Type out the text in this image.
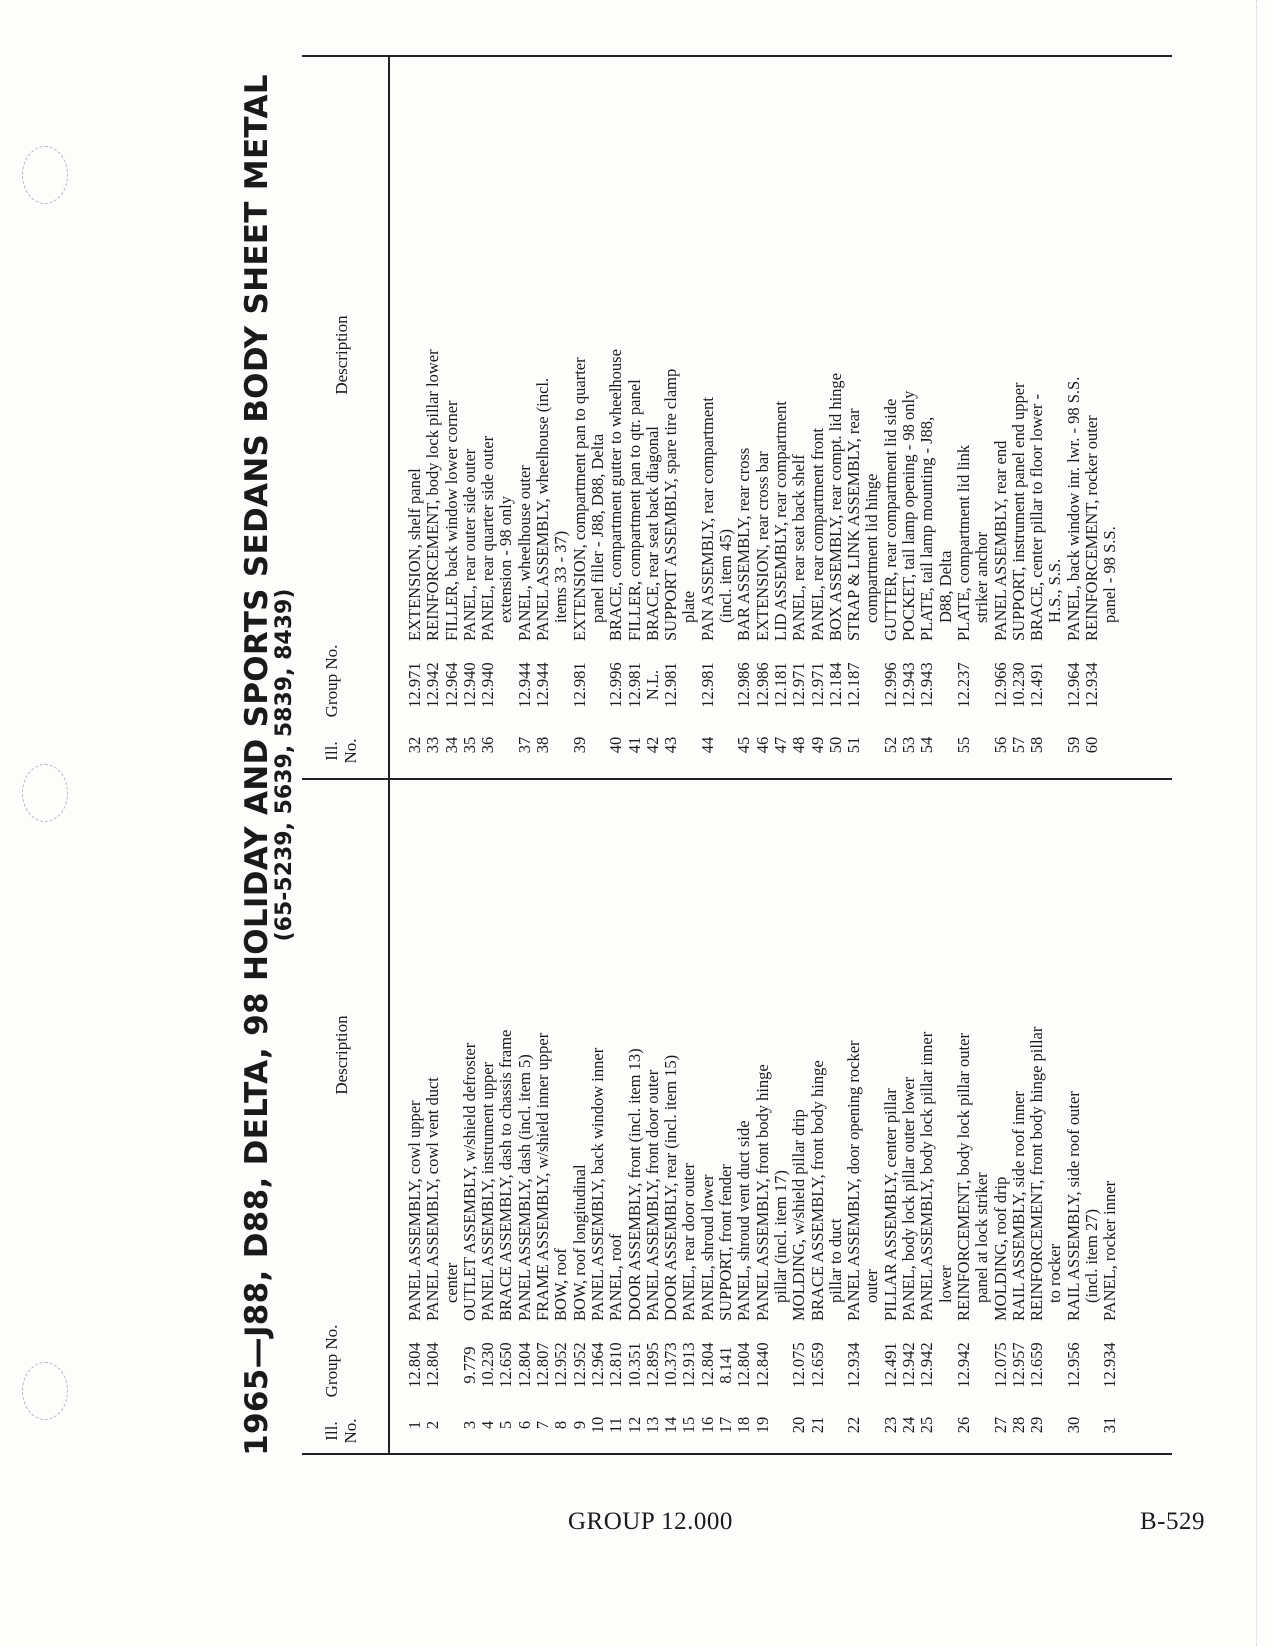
1965—J88, D88, DELTA, 98 HOLIDAY AND SPORTS SEDANS BODY SHEET METAL
(65-5239, 5639, 5839, 8439)
Ill. No.
Group No.
Description
Ill. No.
Group No.
Description
1
12.804
PANEL ASSEMBLY, cowl upper
2
12.804
PANEL ASSEMBLY, cowl vent duct center
3
9.779
OUTLET ASSEMBLY, w/shield defroster
4
10.230
PANEL ASSEMBLY, instrument upper
5
12.650
BRACE ASSEMBLY, dash to chassis frame
6
12.804
PANEL ASSEMBLY, dash (incl. item 5)
7
12.807
FRAME ASSEMBLY, w/shield inner upper
8
12.952
BOW, roof
9
12.952
BOW, roof longitudinal
10
12.964
PANEL ASSEMBLY, back window inner
11
12.810
PANEL, roof
12
10.351
DOOR ASSEMBLY, front (incl. item 13)
13
12.895
PANEL ASSEMBLY, front door outer
14
10.373
DOOR ASSEMBLY, rear (incl. item 15)
15
12.913
PANEL, rear door outer
16
12.804
PANEL, shroud lower
17
8.141
SUPPORT, front fender
18
12.804
PANEL, shroud vent duct side
19
12.840
PANEL ASSEMBLY, front body hinge pillar (incl. item 17)
20
12.075
MOLDING, w/shield pillar drip
21
12.659
BRACE ASSEMBLY, front body hinge pillar to duct
22
12.934
PANEL ASSEMBLY, door opening rocker outer
23
12.491
PILLAR ASSEMBLY, center pillar
24
12.942
PANEL, body lock pillar outer lower
25
12.942
PANEL ASSEMBLY, body lock pillar inner lower
26
12.942
REINFORCEMENT, body lock pillar outer panel at lock striker
27
12.075
MOLDING, roof drip
28
12.957
RAIL ASSEMBLY, side roof inner
29
12.659
REINFORCEMENT, front body hinge pillar to rocker
30
12.956
RAIL ASSEMBLY, side roof outer (incl. item 27)
31
12.934
PANEL, rocker inner
32
12.971
EXTENSION, shelf panel
33
12.942
REINFORCEMENT, body lock pillar lower
34
12.964
FILLER, back window lower corner
35
12.940
PANEL, rear outer side outer
36
12.940
PANEL, rear quarter side outer extension - 98 only
37
12.944
PANEL, wheelhouse outer
38
12.944
PANEL ASSEMBLY, wheelhouse (incl. items 33 - 37)
39
12.981
EXTENSION, compartment pan to quarter panel filler - J88, D88, Delta
40
12.996
BRACE, compartment gutter to wheelhouse
41
12.981
FILLER, compartment pan to qtr. panel
42
N.L.
BRACE, rear seat back diagonal
43
12.981
SUPPORT ASSEMBLY, spare tire clamp plate
44
12.981
PAN ASSEMBLY, rear compartment (incl. item 45)
45
12.986
BAR ASSEMBLY, rear cross
46
12.986
EXTENSION, rear cross bar
47
12.181
LID ASSEMBLY, rear compartment
48
12.971
PANEL, rear seat back shelf
49
12.971
PANEL, rear compartment front
50
12.184
BOX ASSEMBLY, rear compt. lid hinge
51
12.187
STRAP & LINK ASSEMBLY, rear compartment lid hinge
52
12.996
GUTTER, rear compartment lid side
53
12.943
POCKET, tail lamp opening - 98 only
54
12.943
PLATE, tail lamp mounting - J88, D88, Delta
55
12.237
PLATE, compartment lid link striker anchor
56
12.966
PANEL ASSEMBLY, rear end
57
10.230
SUPPORT, instrument panel end upper
58
12.491
BRACE, center pillar to floor lower - H.S., S.S.
59
12.964
PANEL, back window inr. lwr. - 98 S.S.
60
12.934
REINFORCEMENT, rocker outer panel - 98 S.S.
GROUP 12.000	B-529
